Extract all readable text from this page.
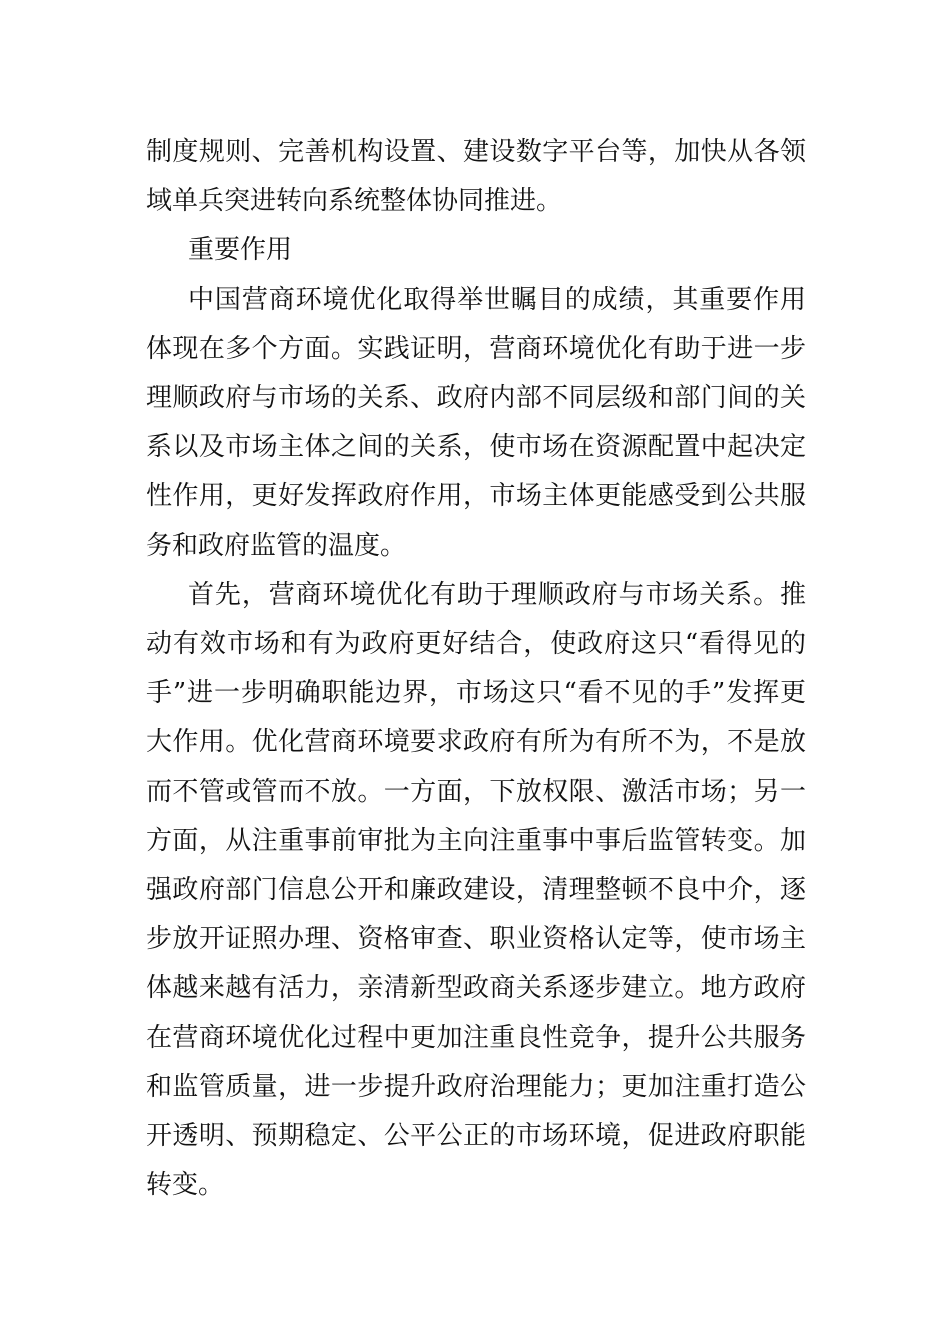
制度规则、完善机构设置、建设数字平台等，加快从各领域单兵突进转向系统整体协同推进。

重要作用

中国营商环境优化取得举世瞩目的成绩，其重要作用体现在多个方面。实践证明，营商环境优化有助于进一步理顺政府与市场的关系、政府内部不同层级和部门间的关系以及市场主体之间的关系，使市场在资源配置中起决定性作用，更好发挥政府作用，市场主体更能感受到公共服务和政府监管的温度。

首先，营商环境优化有助于理顺政府与市场关系。推动有效市场和有为政府更好结合，使政府这只“看得见的手”进一步明确职能边界，市场这只“看不见的手”发挥更大作用。优化营商环境要求政府有所为有所不为，不是放而不管或管而不放。一方面，下放权限、激活市场；另一方面，从注重事前审批为主向注重事中事后监管转变。加强政府部门信息公开和廉政建设，清理整顿不良中介，逐步放开证照办理、资格审查、职业资格认定等，使市场主体越来越有活力，亲清新型政商关系逐步建立。地方政府在营商环境优化过程中更加注重良性竞争，提升公共服务和监管质量，进一步提升政府治理能力；更加注重打造公开透明、预期稳定、公平公正的市场环境，促进政府职能转变。
